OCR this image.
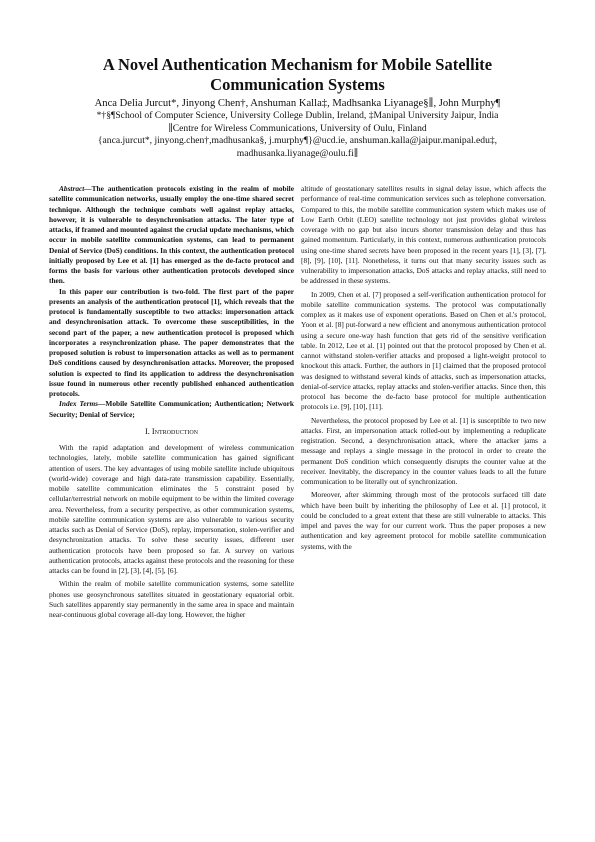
A Novel Authentication Mechanism for Mobile Satellite
Communication Systems
Anca Delia Jurcut*, Jinyong Chen†, Anshuman Kalla‡, Madhsanka Liyanage§∥, John Murphy¶
*†§¶School of Computer Science, University College Dublin, Ireland, ‡Manipal University Jaipur, India
∥Centre for Wireless Communications, University of Oulu, Finland
{anca.jurcut*, jinyong.chen†,madhusanka§, j.murphy¶}@ucd.ie, anshuman.kalla@jaipur.manipal.edu‡,
madhusanka.liyanage@oulu.fi∥

Abstract—The authentication protocols existing in the realm of mobile satellite communication networks, usually employ the one-time shared secret technique. Although the technique combats well against replay attacks, however, it is vulnerable to desynchronisation attacks. The later type of attacks, if framed and mounted against the crucial update mechanisms, which occur in mobile satellite communication systems, can lead to permanent Denial of Service (DoS) conditions. In this context, the authentication protocol initially proposed by Lee et al. [1] has emerged as the de-facto protocol and forms the basis for various other authentication protocols developed since then.

In this paper our contribution is two-fold. The first part of the paper presents an analysis of the authentication protocol [1], which reveals that the protocol is fundamentally susceptible to two attacks: impersonation attack and desynchronisation attack. To overcome these susceptibilities, in the second part of the paper, a new authentication protocol is proposed which incorporates a resynchronization phase. The paper demonstrates that the proposed solution is robust to impersonation attacks as well as to permanent DoS conditions caused by desynchronisation attacks. Moreover, the proposed solution is expected to find its application to address the desynchronisation issue found in numerous other recently published enhanced authentication protocols.

Index Terms—Mobile Satellite Communication; Authentication; Network Security; Denial of Service;

I. Introduction

With the rapid adaptation and development of wireless communication technologies, lately, mobile satellite communication has gained significant attention of users. The key advantages of using mobile satellite include ubiquitous (world-wide) coverage and high data-rate transmission capability. Essentially, mobile satellite communication eliminates the 5 constraint posed by cellular/terrestrial network on mobile equipment to be within the limited coverage area. Nevertheless, from a security perspective, as other communication systems, mobile satellite communication systems are also vulnerable to various security attacks such as Denial of Service (DoS), replay, impersonation, stolen-verifier and desynchronization attacks. To solve these security issues, different user authentication protocols have been proposed so far. A survey on various authentication protocols, attacks against these protocols and the reasoning for these attacks can be found in [2], [3], [4], [5], [6].

Within the realm of mobile satellite communication systems, some satellite phones use geosynchronous satellites situated in geostationary equatorial orbit. Such satellites apparently stay permanently in the same area in space and maintain near-continuous global coverage all-day long. However, the higher

altitude of geostationary satellites results in signal delay issue, which affects the performance of real-time communication services such as telephone conversation. Compared to this, the mobile satellite communication system which makes use of Low Earth Orbit (LEO) satellite technology not just provides global wireless coverage with no gap but also incurs shorter transmission delay and thus has gained momentum. Particularly, in this context, numerous authentication protocols using one-time shared secrets have been proposed in the recent years [1], [3], [7], [8], [9], [10], [11]. Nonetheless, it turns out that many security issues such as vulnerability to impersonation attacks, DoS attacks and replay attacks, still need to be addressed in these systems.

In 2009, Chen et al. [7] proposed a self-verification authentication protocol for mobile satellite communication systems. The protocol was computationally complex as it makes use of exponent operations. Based on Chen et al.'s protocol, Yoon et al. [8] put-forward a new efficient and anonymous authentication protocol using a secure one-way hash function that gets rid of the sensitive verification table. In 2012, Lee et al. [1] pointed out that the protocol proposed by Chen et al. cannot withstand stolen-verifier attacks and proposed a light-weight protocol to knockout this attack. Further, the authors in [1] claimed that the proposed protocol was designed to withstand several kinds of attacks, such as impersonation attacks, denial-of-service attacks, replay attacks and stolen-verifier attacks. Since then, this protocol has become the de-facto base protocol for multiple authentication protocols i.e. [9], [10], [11].

Nevertheless, the protocol proposed by Lee et al. [1] is susceptible to two new attacks. First, an impersonation attack rolled-out by implementing a reduplicate registration. Second, a desynchronisation attack, where the attacker jams a message and replays a single message in the protocol in order to create the permanent DoS condition which consequently disrupts the counter value at the receiver. Inevitably, the discrepancy in the counter values leads to all the future communication to be literally out of synchronization.

Moreover, after skimming through most of the protocols surfaced till date which have been built by inheriting the philosophy of Lee et al. [1] protocol, it could be concluded to a great extent that these are still vulnerable to attacks. This impel and paves the way for our current work. Thus the paper proposes a new authentication and key agreement protocol for mobile satellite communication systems, with the
